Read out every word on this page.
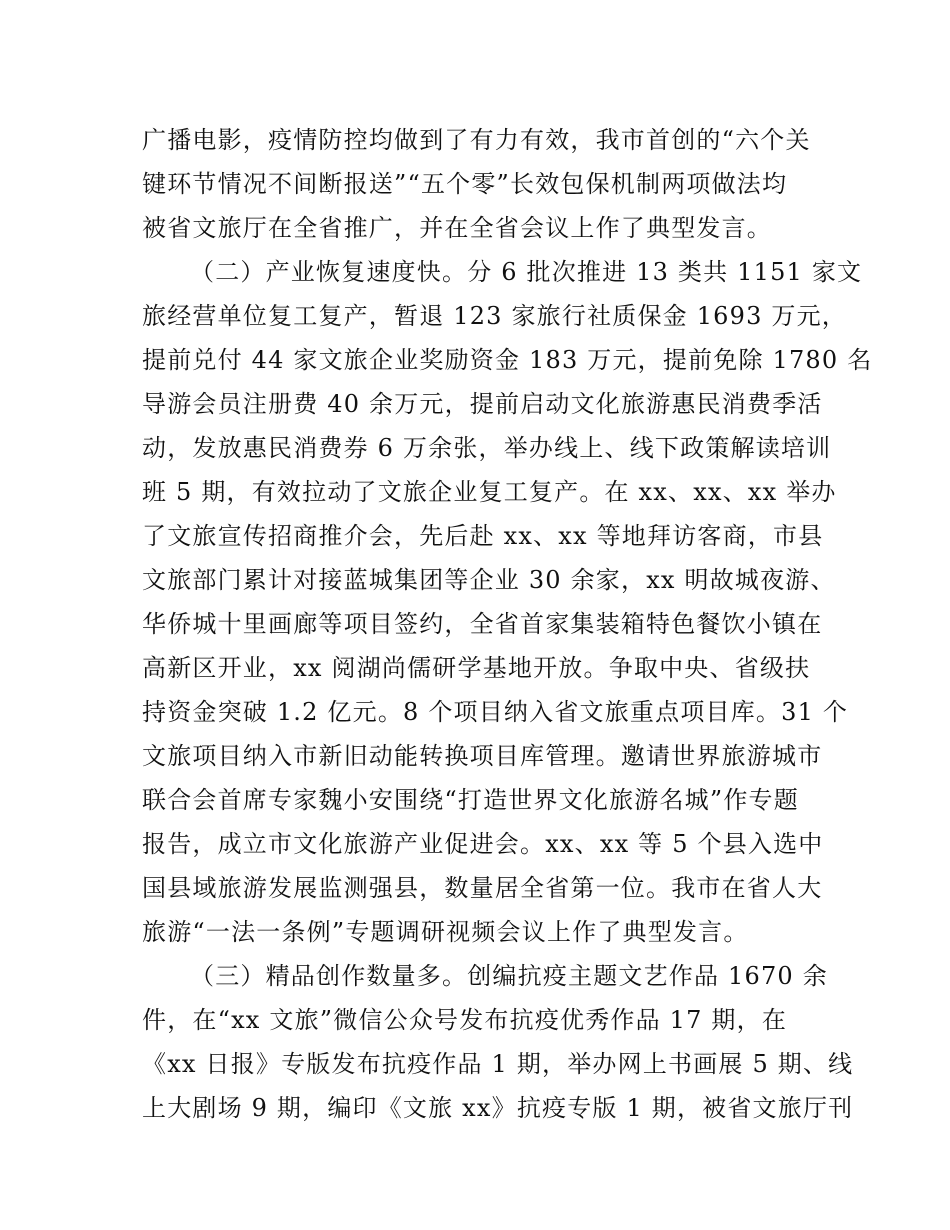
广播电影，疫情防控均做到了有力有效，我市首创的“六个关
键环节情况不间断报送”“五个零”长效包保机制两项做法均
被省文旅厅在全省推广，并在全省会议上作了典型发言。
（二）产业恢复速度快。分 6 批次推进 13 类共 1151 家文
旅经营单位复工复产，暂退 123 家旅行社质保金 1693 万元，
提前兑付 44 家文旅企业奖励资金 183 万元，提前免除 1780 名
导游会员注册费 40 余万元，提前启动文化旅游惠民消费季活
动，发放惠民消费券 6 万余张，举办线上、线下政策解读培训
班 5 期，有效拉动了文旅企业复工复产。在 xx、xx、xx 举办
了文旅宣传招商推介会，先后赴 xx、xx 等地拜访客商，市县
文旅部门累计对接蓝城集团等企业 30 余家，xx 明故城夜游、
华侨城十里画廊等项目签约，全省首家集装箱特色餐饮小镇在
高新区开业，xx 阅湖尚儒研学基地开放。争取中央、省级扶
持资金突破 1.2 亿元。8 个项目纳入省文旅重点项目库。31 个
文旅项目纳入市新旧动能转换项目库管理。邀请世界旅游城市
联合会首席专家魏小安围绕“打造世界文化旅游名城”作专题
报告，成立市文化旅游产业促进会。xx、xx 等 5 个县入选中
国县域旅游发展监测强县，数量居全省第一位。我市在省人大
旅游“一法一条例”专题调研视频会议上作了典型发言。
（三）精品创作数量多。创编抗疫主题文艺作品 1670 余
件，在“xx 文旅”微信公众号发布抗疫优秀作品 17 期，在
《xx 日报》专版发布抗疫作品 1 期，举办网上书画展 5 期、线
上大剧场 9 期，编印《文旅 xx》抗疫专版 1 期，被省文旅厅刊
